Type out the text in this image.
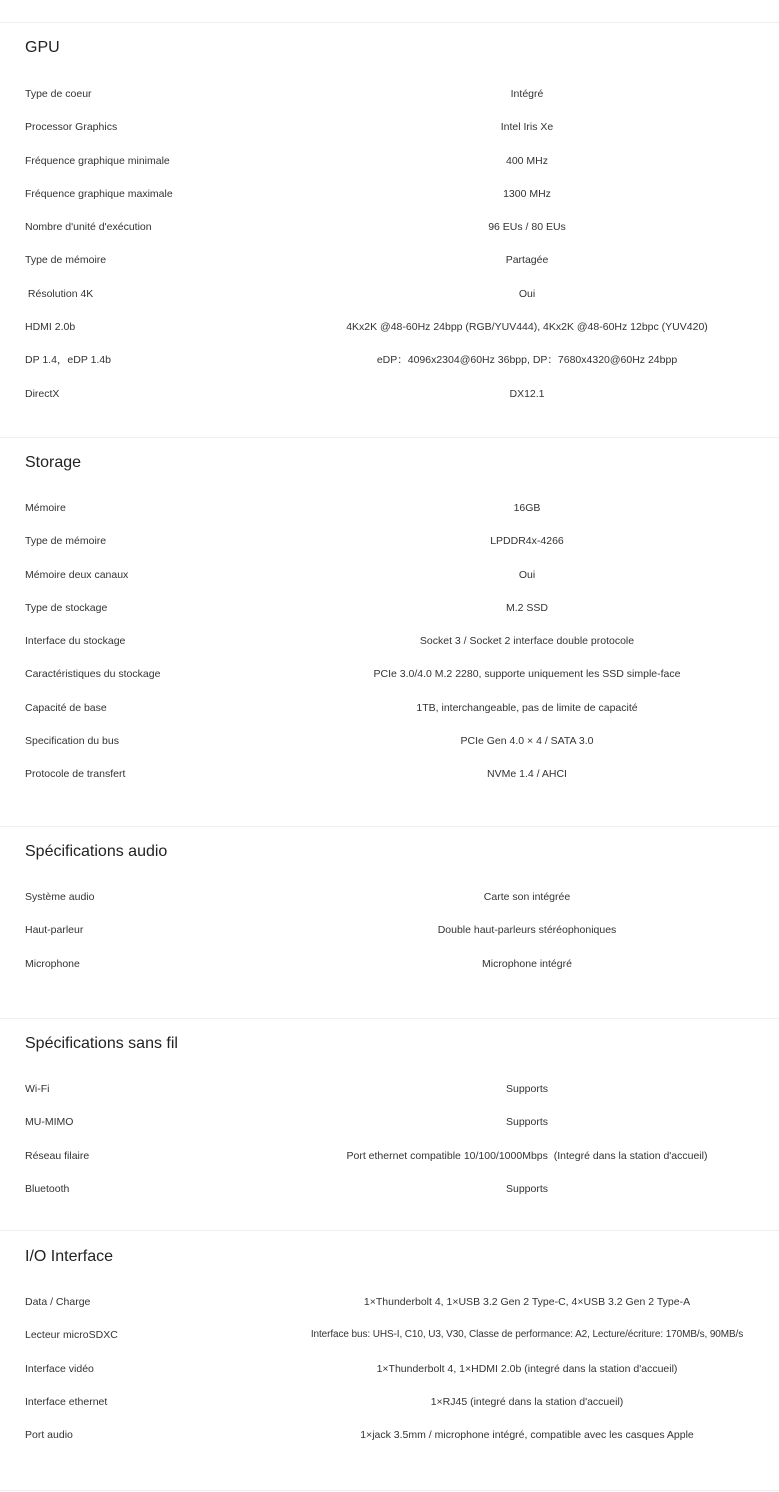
GPU
Type de coeur	Intégré
Processor Graphics	Intel Iris Xe
Fréquence graphique minimale	400 MHz
Fréquence graphique maximale	1300 MHz
Nombre d'unité d'exécution	96 EUs / 80 EUs
Type de mémoire	Partagée
Résolution 4K	Oui
HDMI 2.0b	4Kx2K @48-60Hz 24bpp (RGB/YUV444), 4Kx2K @48-60Hz 12bpc (YUV420)
DP 1.4，eDP 1.4b	eDP：4096x2304@60Hz 36bpp, DP：7680x4320@60Hz 24bpp
DirectX	DX12.1
Storage
Mémoire	16GB
Type de mémoire	LPDDR4x-4266
Mémoire deux canaux	Oui
Type de stockage	M.2 SSD
Interface du stockage	Socket 3 / Socket 2 interface double protocole
Caractéristiques du stockage	PCIe 3.0/4.0 M.2 2280, supporte uniquement les SSD simple-face
Capacité de base	1TB, interchangeable, pas de limite de capacité
Specification du bus	PCIe Gen 4.0 × 4 / SATA 3.0
Protocole de transfert	NVMe 1.4 / AHCI
Spécifications audio
Système audio	Carte son intégrée
Haut-parleur	Double haut-parleurs stéréophoniques
Microphone	Microphone intégré
Spécifications sans fil
Wi-Fi	Supports
MU-MIMO	Supports
Réseau filaire	Port ethernet compatible 10/100/1000Mbps  (Integré dans la station d'accueil)
Bluetooth	Supports
I/O Interface
Data / Charge	1×Thunderbolt 4, 1×USB 3.2 Gen 2 Type-C, 4×USB 3.2 Gen 2 Type-A
Lecteur microSDXC	Interface bus: UHS-I, C10, U3, V30, Classe de performance: A2, Lecture/écriture: 170MB/s, 90MB/s
Interface vidéo	1×Thunderbolt 4, 1×HDMI 2.0b (integré dans la station d'accueil)
Interface ethernet	1×RJ45 (integré dans la station d'accueil)
Port audio	1×jack 3.5mm / microphone intégré, compatible avec les casques Apple
